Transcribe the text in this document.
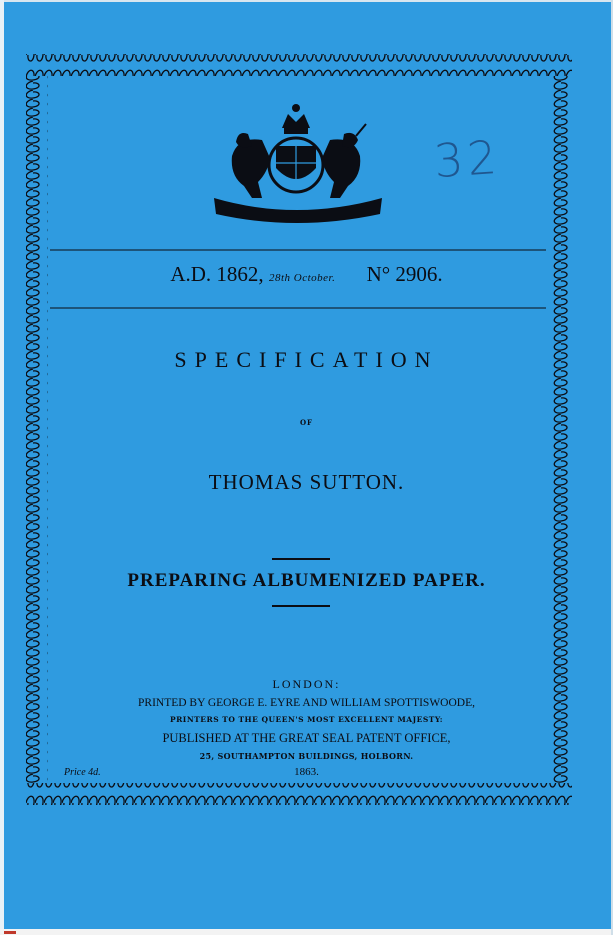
32
A.D. 1862, 28th October. N° 2906.
SPECIFICATION
OF
THOMAS SUTTON.
PREPARING ALBUMENIZED PAPER.
LONDON:
PRINTED BY GEORGE E. EYRE AND WILLIAM SPOTTISWOODE,
PRINTERS TO THE QUEEN'S MOST EXCELLENT MAJESTY:
PUBLISHED AT THE GREAT SEAL PATENT OFFICE,
25, SOUTHAMPTON BUILDINGS, HOLBORN.
Price 4d.	1863.
